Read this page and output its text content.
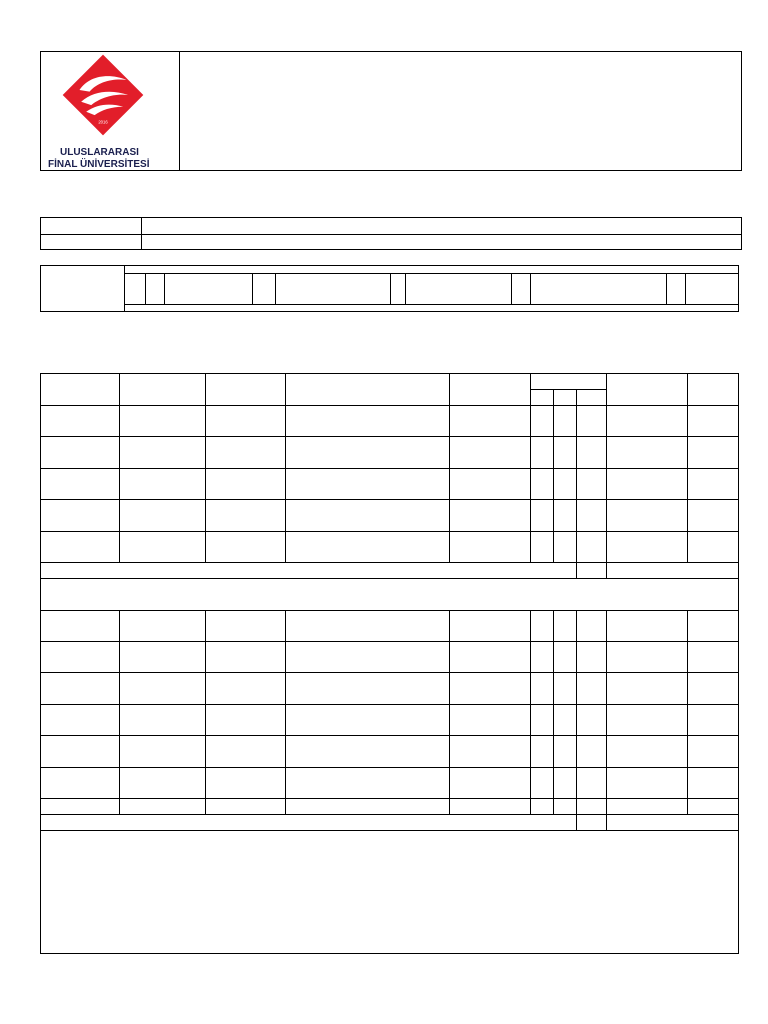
2016
ULUSLARARASI
FİNAL ÜNİVERSİTESİ
